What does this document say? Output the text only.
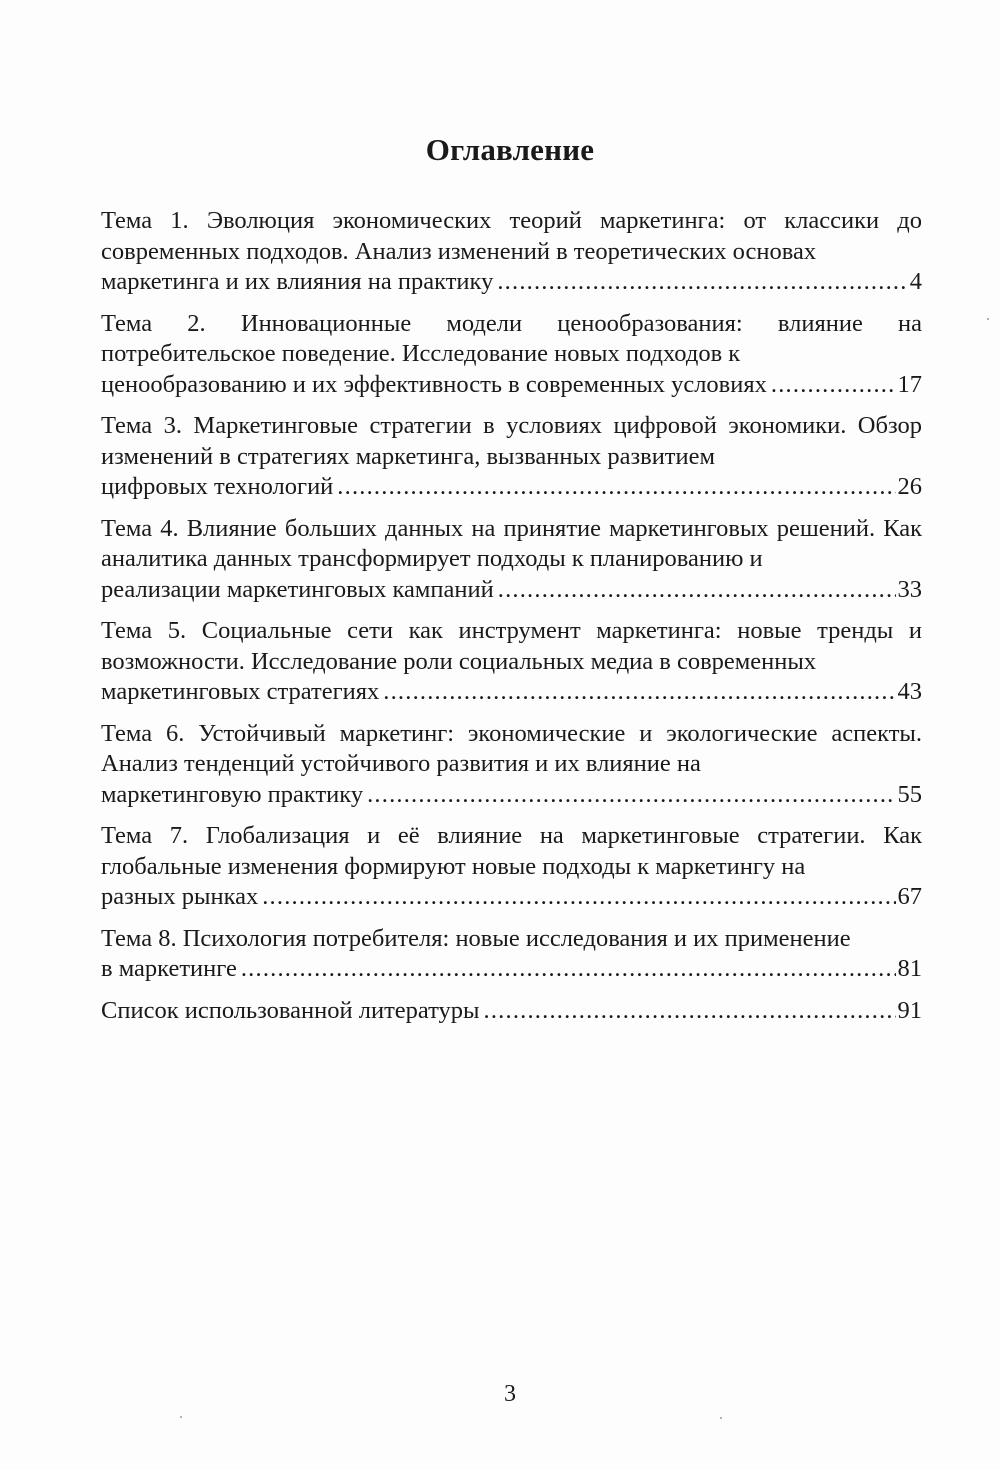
Оглавление
Тема 1. Эволюция экономических теорий маркетинга: от классики до современных подходов. Анализ изменений в теоретических основах
маркетинга и их влияния на практику .....	4
Тема 2. Инновационные модели ценообразования: влияние на потребительское поведение. Исследование новых подходов к
ценообразованию и их эффективность в современных условиях .....	17
Тема 3. Маркетинговые стратегии в условиях цифровой экономики. Обзор изменений в стратегиях маркетинга, вызванных развитием
цифровых технологий .....	26
Тема 4. Влияние больших данных на принятие маркетинговых решений. Как аналитика данных трансформирует подходы к планированию и
реализации маркетинговых кампаний .....	33
Тема 5. Социальные сети как инструмент маркетинга: новые тренды и возможности. Исследование роли социальных медиа в современных
маркетинговых стратегиях .....	43
Тема 6. Устойчивый маркетинг: экономические и экологические аспекты. Анализ тенденций устойчивого развития и их влияние на
маркетинговую практику .....	55
Тема 7. Глобализация и её влияние на маркетинговые стратегии. Как глобальные изменения формируют новые подходы к маркетингу на
разных рынках .....	67
Тема 8. Психология потребителя: новые исследования и их применение
в маркетинге .....	81
Список использованной литературы .....	91
3
